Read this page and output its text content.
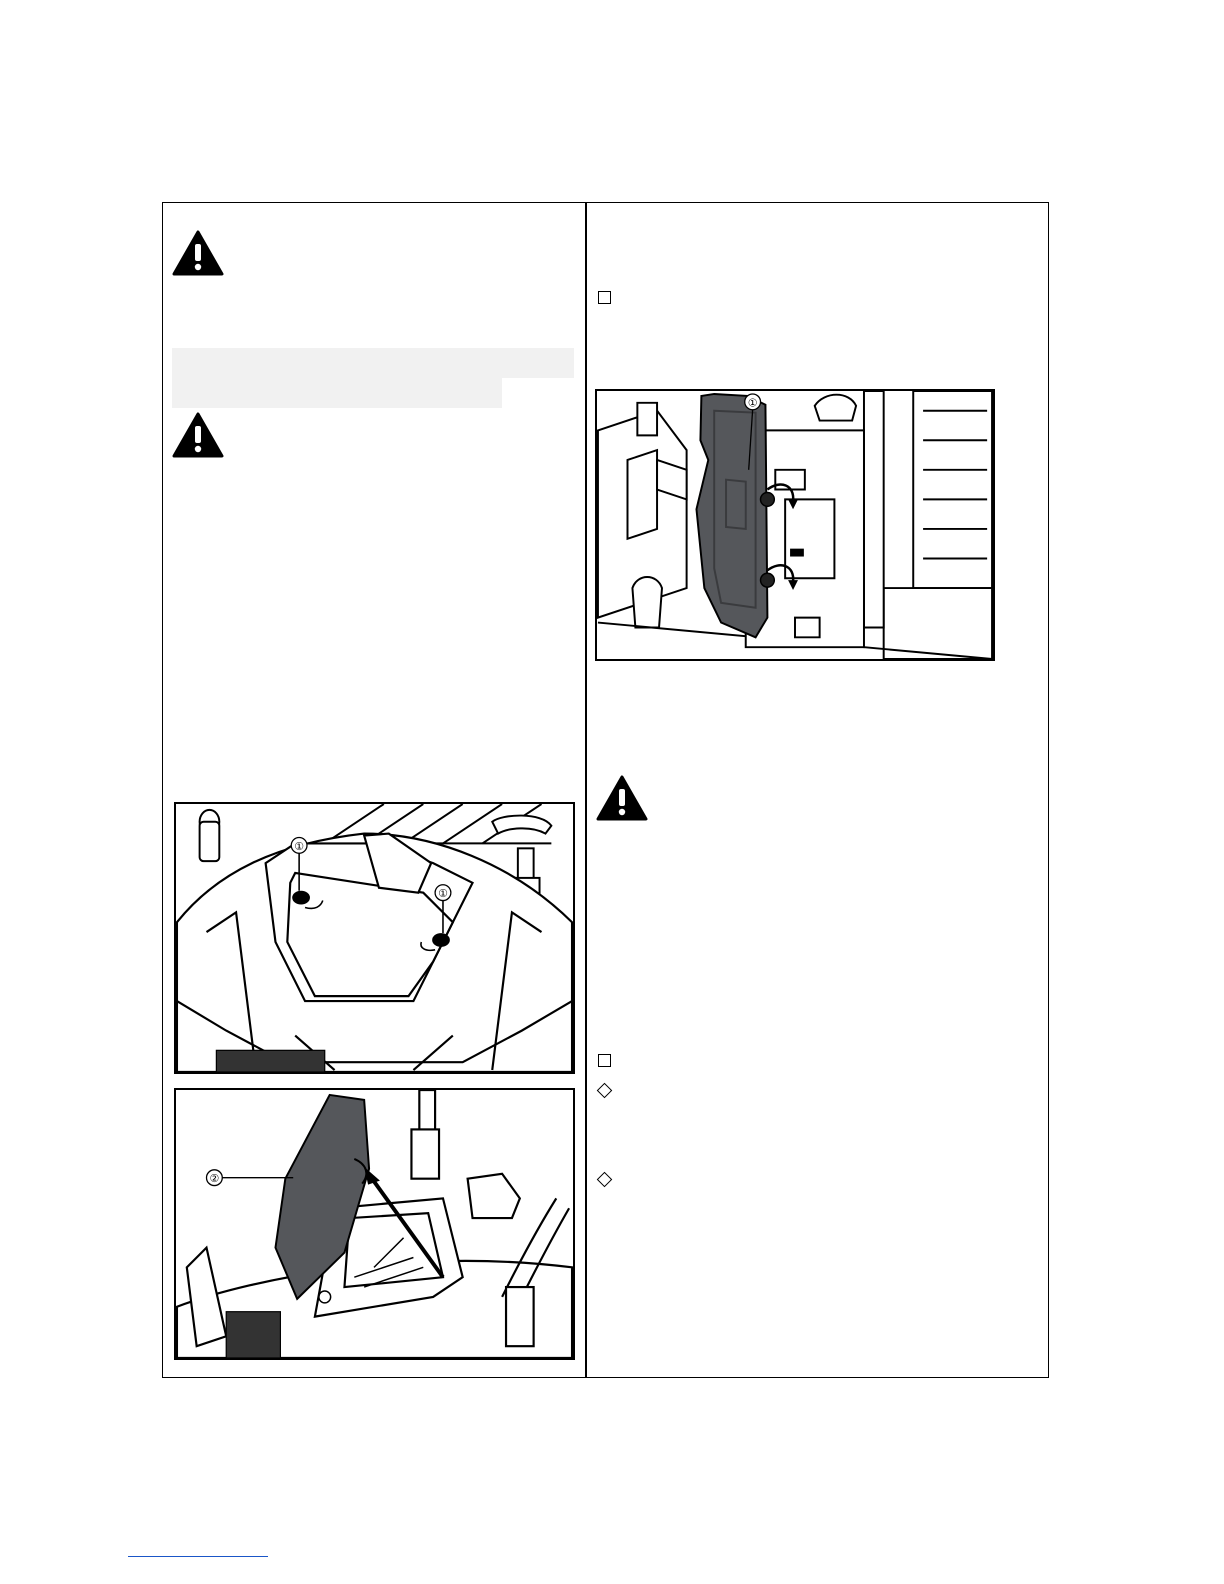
①
①
②
①
